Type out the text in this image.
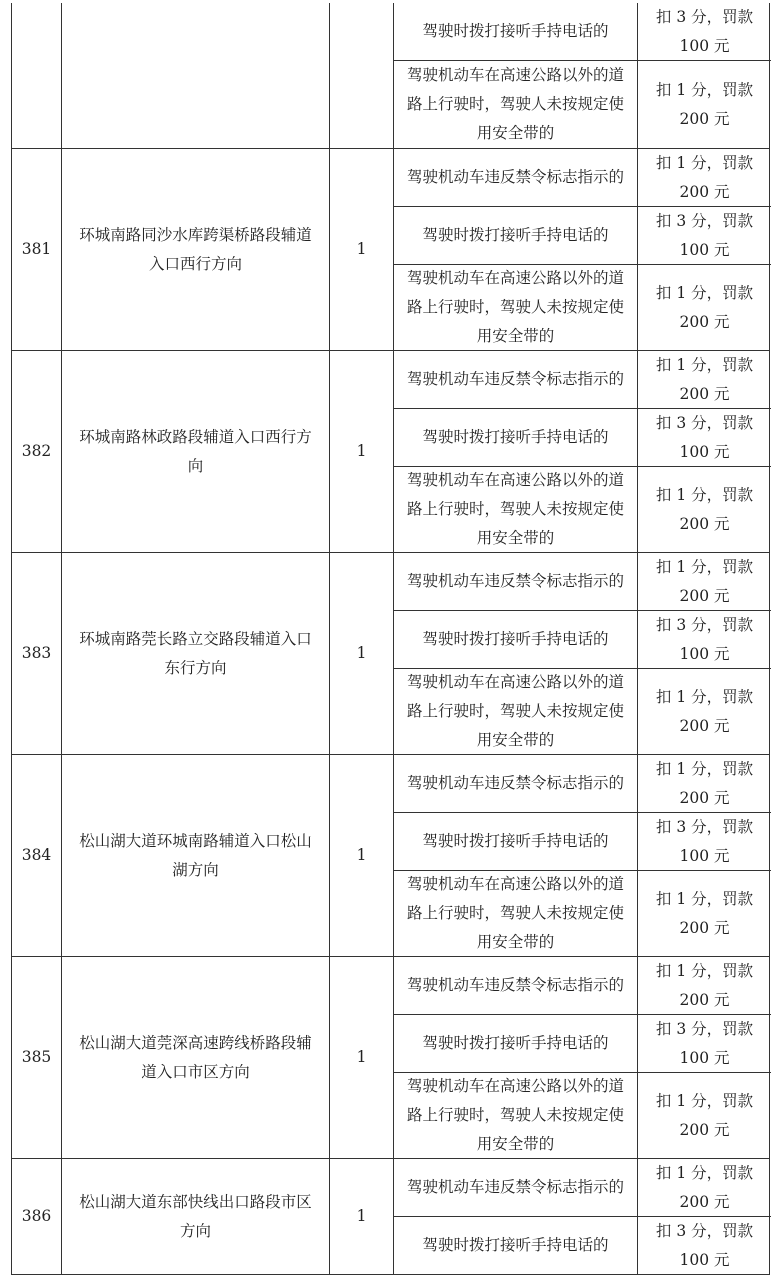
驾驶时拨打接听手持电话的
扣 3 分，罚款
100 元
驾驶机动车在高速公路以外的道路上行驶时，驾驶人未按规定使用安全带的
扣 1 分，罚款
200 元
381
环城南路同沙水库跨渠桥路段辅道入口西行方向
1
驾驶机动车违反禁令标志指示的
扣 1 分，罚款
200 元
驾驶时拨打接听手持电话的
扣 3 分，罚款
100 元
驾驶机动车在高速公路以外的道路上行驶时，驾驶人未按规定使用安全带的
扣 1 分，罚款
200 元
382
环城南路林政路段辅道入口西行方向
1
驾驶机动车违反禁令标志指示的
扣 1 分，罚款
200 元
驾驶时拨打接听手持电话的
扣 3 分，罚款
100 元
驾驶机动车在高速公路以外的道路上行驶时，驾驶人未按规定使用安全带的
扣 1 分，罚款
200 元
383
环城南路莞长路立交路段辅道入口东行方向
1
驾驶机动车违反禁令标志指示的
扣 1 分，罚款
200 元
驾驶时拨打接听手持电话的
扣 3 分，罚款
100 元
驾驶机动车在高速公路以外的道路上行驶时，驾驶人未按规定使用安全带的
扣 1 分，罚款
200 元
384
松山湖大道环城南路辅道入口松山湖方向
1
驾驶机动车违反禁令标志指示的
扣 1 分，罚款
200 元
驾驶时拨打接听手持电话的
扣 3 分，罚款
100 元
驾驶机动车在高速公路以外的道路上行驶时，驾驶人未按规定使用安全带的
扣 1 分，罚款
200 元
385
松山湖大道莞深高速跨线桥路段辅道入口市区方向
1
驾驶机动车违反禁令标志指示的
扣 1 分，罚款
200 元
驾驶时拨打接听手持电话的
扣 3 分，罚款
100 元
驾驶机动车在高速公路以外的道路上行驶时，驾驶人未按规定使用安全带的
扣 1 分，罚款
200 元
386
松山湖大道东部快线出口路段市区方向
1
驾驶机动车违反禁令标志指示的
扣 1 分，罚款
200 元
驾驶时拨打接听手持电话的
扣 3 分，罚款
100 元
